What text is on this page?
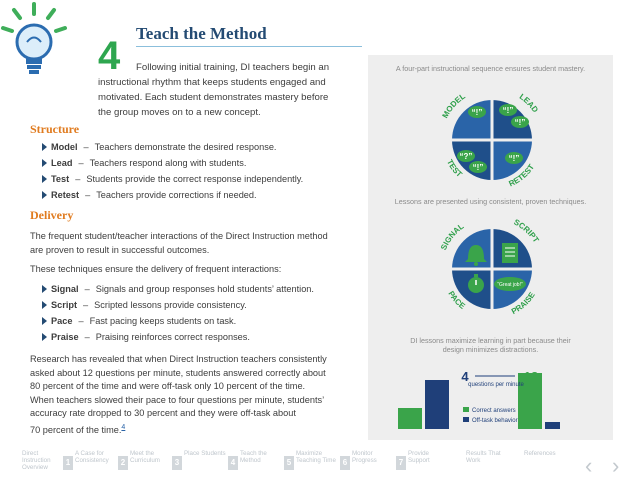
4
Teach the Method
Following initial training, DI teachers begin an
instructional rhythm that keeps students engaged and
motivated. Each student demonstrates mastery before
the group moves on to a new concept.
Structure
Model – Teachers demonstrate the desired response.
Lead – Teachers respond along with students.
Test – Students provide the correct response independently.
Retest – Teachers provide corrections if needed.
Delivery

The frequent student/teacher interactions of the Direct Instruction method
are proven to result in successful outcomes.

These techniques ensure the delivery of frequent interactions:

Signal – Signals and group responses hold students’ attention.
Script – Scripted lessons provide consistency.
Pace – Fast pacing keeps students on task.
Praise – Praising reinforces correct responses.

Research has revealed that when Direct Instruction teachers consistently
asked about 12 questions per minute, students answered correctly about
80 percent of the time and were off-task only 10 percent of the time.
When teachers slowed their pace to four questions per minute, students’
accuracy rate dropped to 30 percent and they were off-task about
70 percent of the time.$^4$

A four-part instructional sequence ensures student mastery.
MODEL	LEAD
TEST
RETEST
“!”	“!”
“!”
“?”
“!”
“!”
Lessons are presented using consistent, proven techniques.
SIGNAL	SCRIPT
PACE	PRAISE
“Great job!”
DI lessons maximize learning in part because their
design minimizes distractions.
4	12
questions per minute
Correct answers
Off-task behavior
Direct Instruction Overview
1
A Case for Consistency	2
Meet the Curriculum	3
Place Students
4
Teach the Method	5
Maximize Teaching Time 6
Monitor Progress	7
Provide Support
Results That Work
References	‹ ›
